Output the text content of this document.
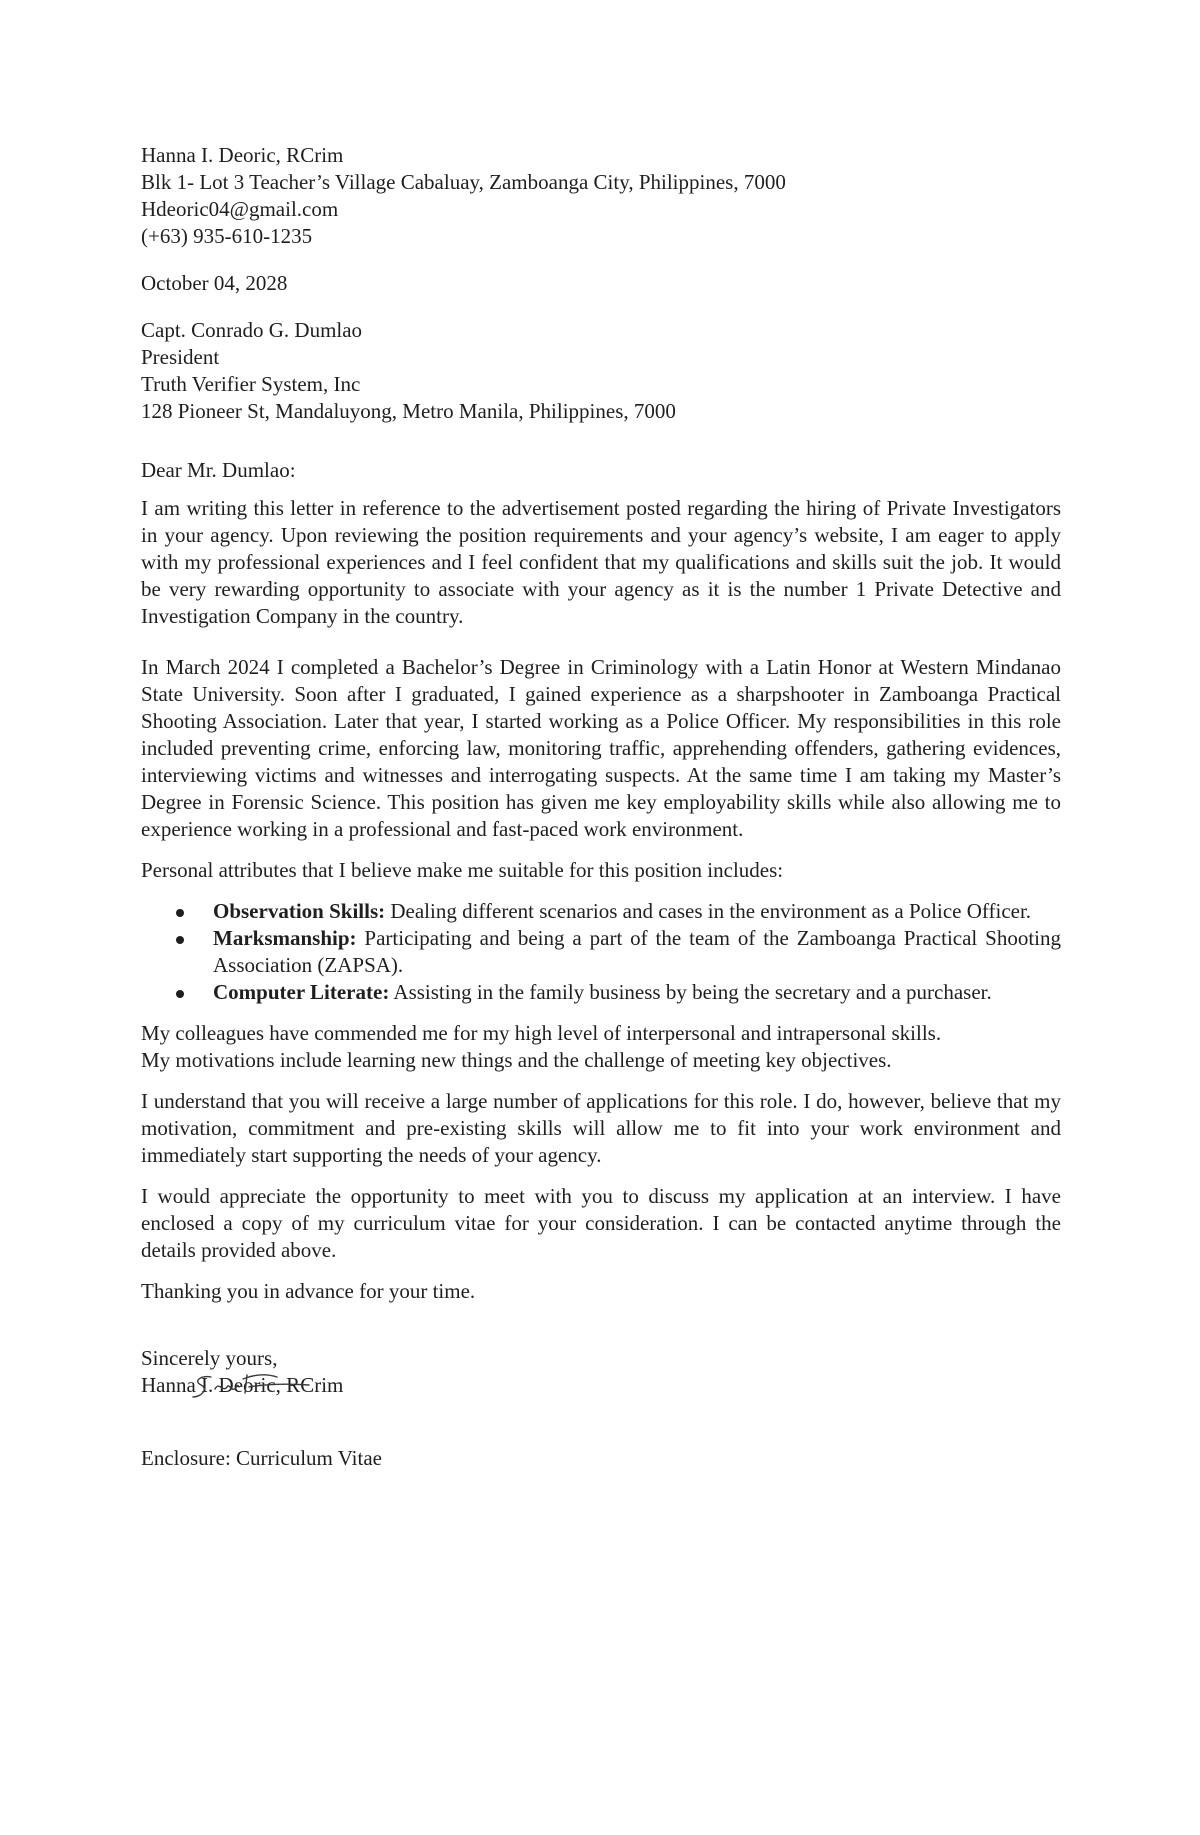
Hanna I. Deoric, RCrim
Blk 1- Lot 3 Teacher’s Village Cabaluay, Zamboanga City, Philippines, 7000
Hdeoric04@gmail.com
(+63) 935-610-1235
October 04, 2028
Capt. Conrado G. Dumlao
President
Truth Verifier System, Inc
128 Pioneer St, Mandaluyong, Metro Manila, Philippines, 7000
Dear Mr. Dumlao:

I am writing this letter in reference to the advertisement posted regarding the hiring of Private Investigators in your agency. Upon reviewing the position requirements and your agency’s website, I am eager to apply with my professional experiences and I feel confident that my qualifications and skills suit the job. It would be very rewarding opportunity to associate with your agency as it is the number 1 Private Detective and Investigation Company in the country.

In March 2024 I completed a Bachelor’s Degree in Criminology with a Latin Honor at Western Mindanao State University. Soon after I graduated, I gained experience as a sharpshooter in Zamboanga Practical Shooting Association. Later that year, I started working as a Police Officer. My responsibilities in this role included preventing crime, enforcing law, monitoring traffic, apprehending offenders, gathering evidences, interviewing victims and witnesses and interrogating suspects. At the same time I am taking my Master’s Degree in Forensic Science. This position has given me key employability skills while also allowing me to experience working in a professional and fast-paced work environment.

Personal attributes that I believe make me suitable for this position includes:

Observation Skills: Dealing different scenarios and cases in the environment as a Police Officer.
Marksmanship: Participating and being a part of the team of the Zamboanga Practical Shooting Association (ZAPSA).
Computer Literate: Assisting in the family business by being the secretary and a purchaser.
My colleagues have commended me for my high level of interpersonal and intrapersonal skills.
My motivations include learning new things and the challenge of meeting key objectives.

I understand that you will receive a large number of applications for this role. I do, however, believe that my motivation, commitment and pre-existing skills will allow me to fit into your work environment and immediately start supporting the needs of your agency.

I would appreciate the opportunity to meet with you to discuss my application at an interview. I have enclosed a copy of my curriculum vitae for your consideration. I can be contacted anytime through the details provided above.

Thanking you in advance for your time.

Sincerely yours,
Hanna I. Deoric, RCrim
Enclosure: Curriculum Vitae
